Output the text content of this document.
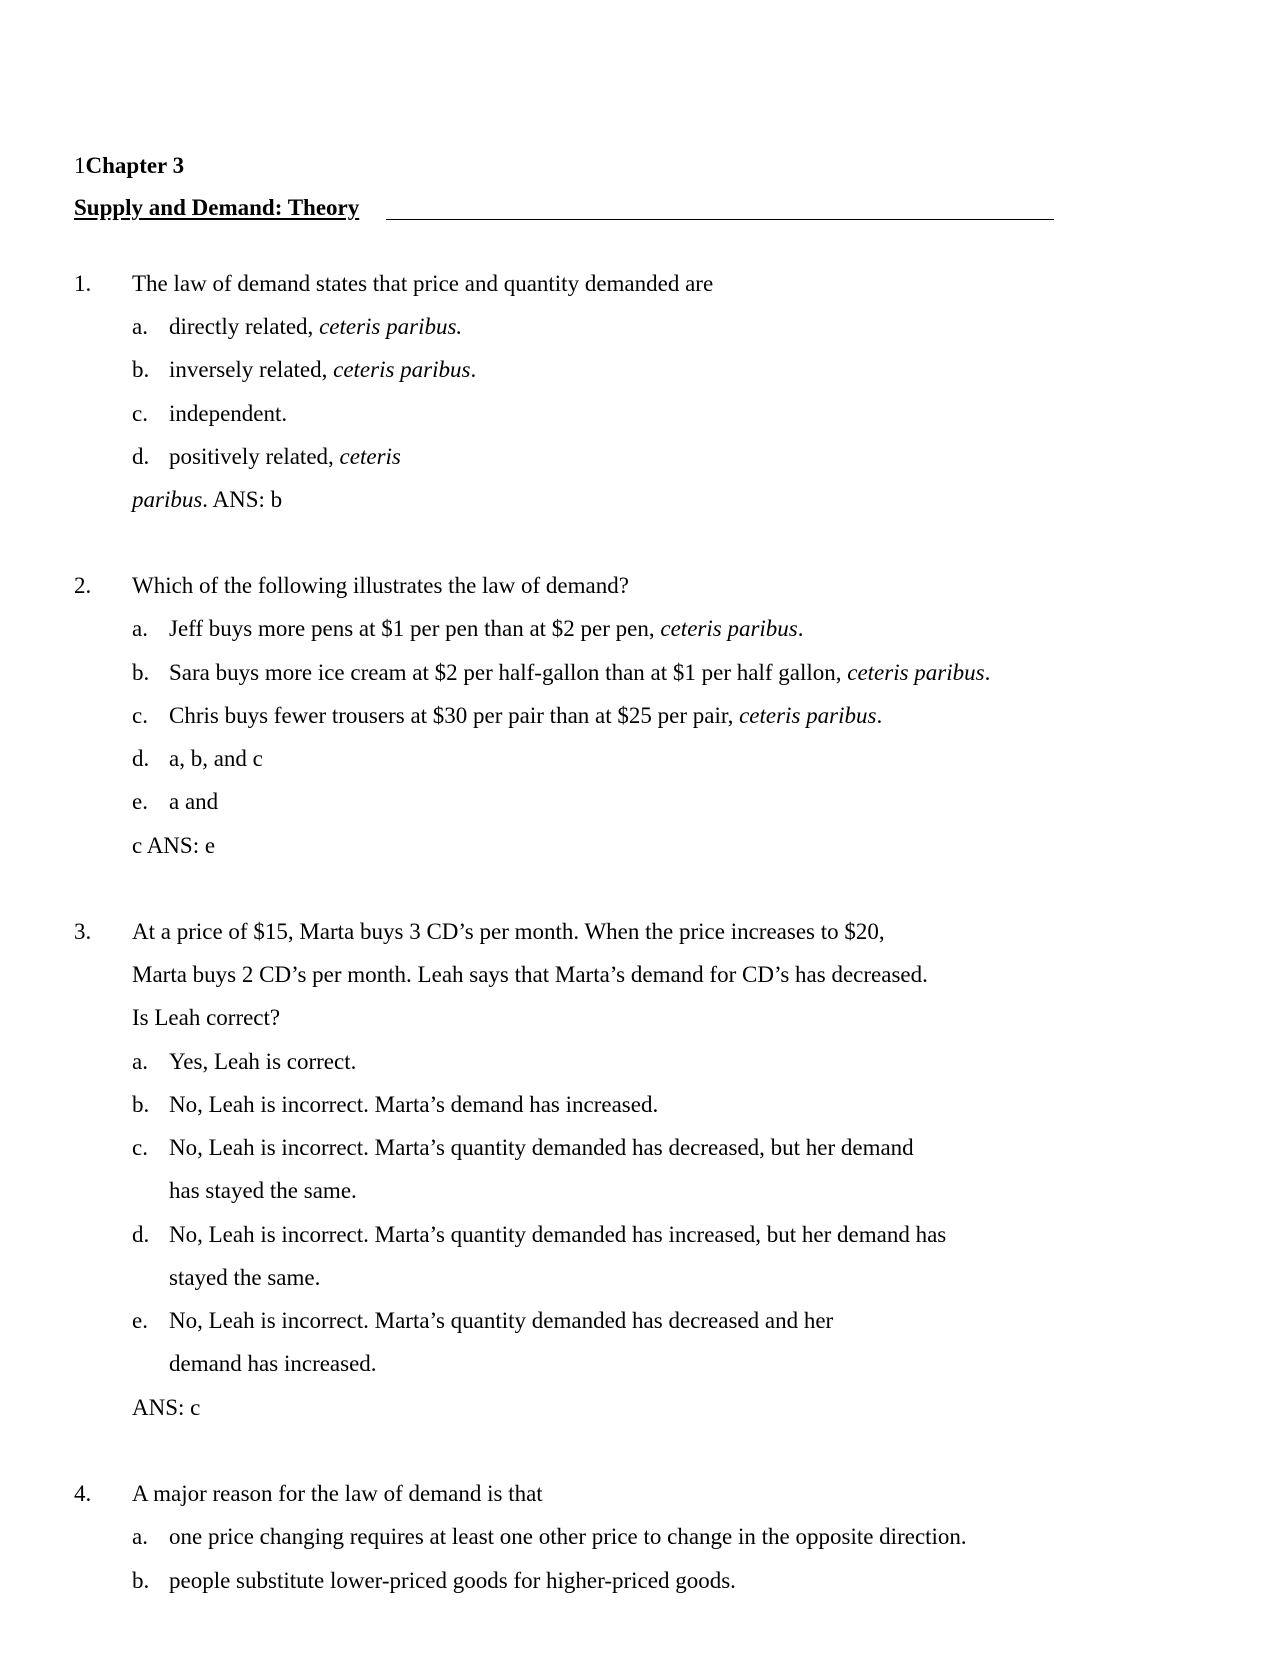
1Chapter 3
Supply and Demand: Theory
1. The law of demand states that price and quantity demanded are
a. directly related, ceteris paribus.
b. inversely related, ceteris paribus.
c. independent.
d. positively related, ceteris
paribus. ANS: b
2. Which of the following illustrates the law of demand?
a. Jeff buys more pens at $1 per pen than at $2 per pen, ceteris paribus.
b. Sara buys more ice cream at $2 per half-gallon than at $1 per half gallon, ceteris paribus.
c. Chris buys fewer trousers at $30 per pair than at $25 per pair, ceteris paribus.
d. a, b, and c
e. a and
c ANS: e
3. At a price of $15, Marta buys 3 CD’s per month. When the price increases to $20,
Marta buys 2 CD’s per month. Leah says that Marta’s demand for CD’s has decreased.
Is Leah correct?
a. Yes, Leah is correct.
b. No, Leah is incorrect. Marta’s demand has increased.
c. No, Leah is incorrect. Marta’s quantity demanded has decreased, but her demand
has stayed the same.
d. No, Leah is incorrect. Marta’s quantity demanded has increased, but her demand has
stayed the same.
e. No, Leah is incorrect. Marta’s quantity demanded has decreased and her
demand has increased.
ANS: c
4. A major reason for the law of demand is that
a. one price changing requires at least one other price to change in the opposite direction.
b. people substitute lower-priced goods for higher-priced goods.
